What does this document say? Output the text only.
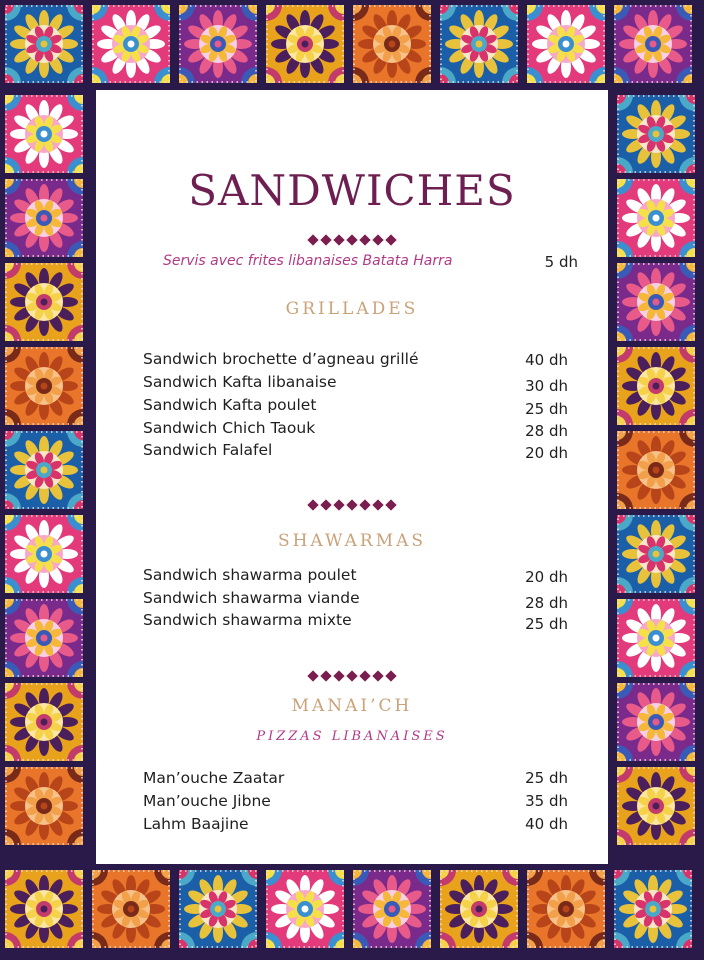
SANDWICHES
Servis avec frites libanaises Batata Harra	5 dh
GRILLADES
Sandwich brochette d’agneau grillé	40 dh
Sandwich Kafta libanaise	30 dh
Sandwich Kafta poulet	25 dh
Sandwich Chich Taouk	28 dh
Sandwich Falafel	20 dh
SHAWARMAS
Sandwich shawarma poulet	20 dh
Sandwich shawarma viande	28 dh
Sandwich shawarma mixte	25 dh
MANAI’CH
PIZZAS LIBANAISES
Man’ouche Zaatar	25 dh
Man’ouche Jibne	35 dh
Lahm Baajine	40 dh
